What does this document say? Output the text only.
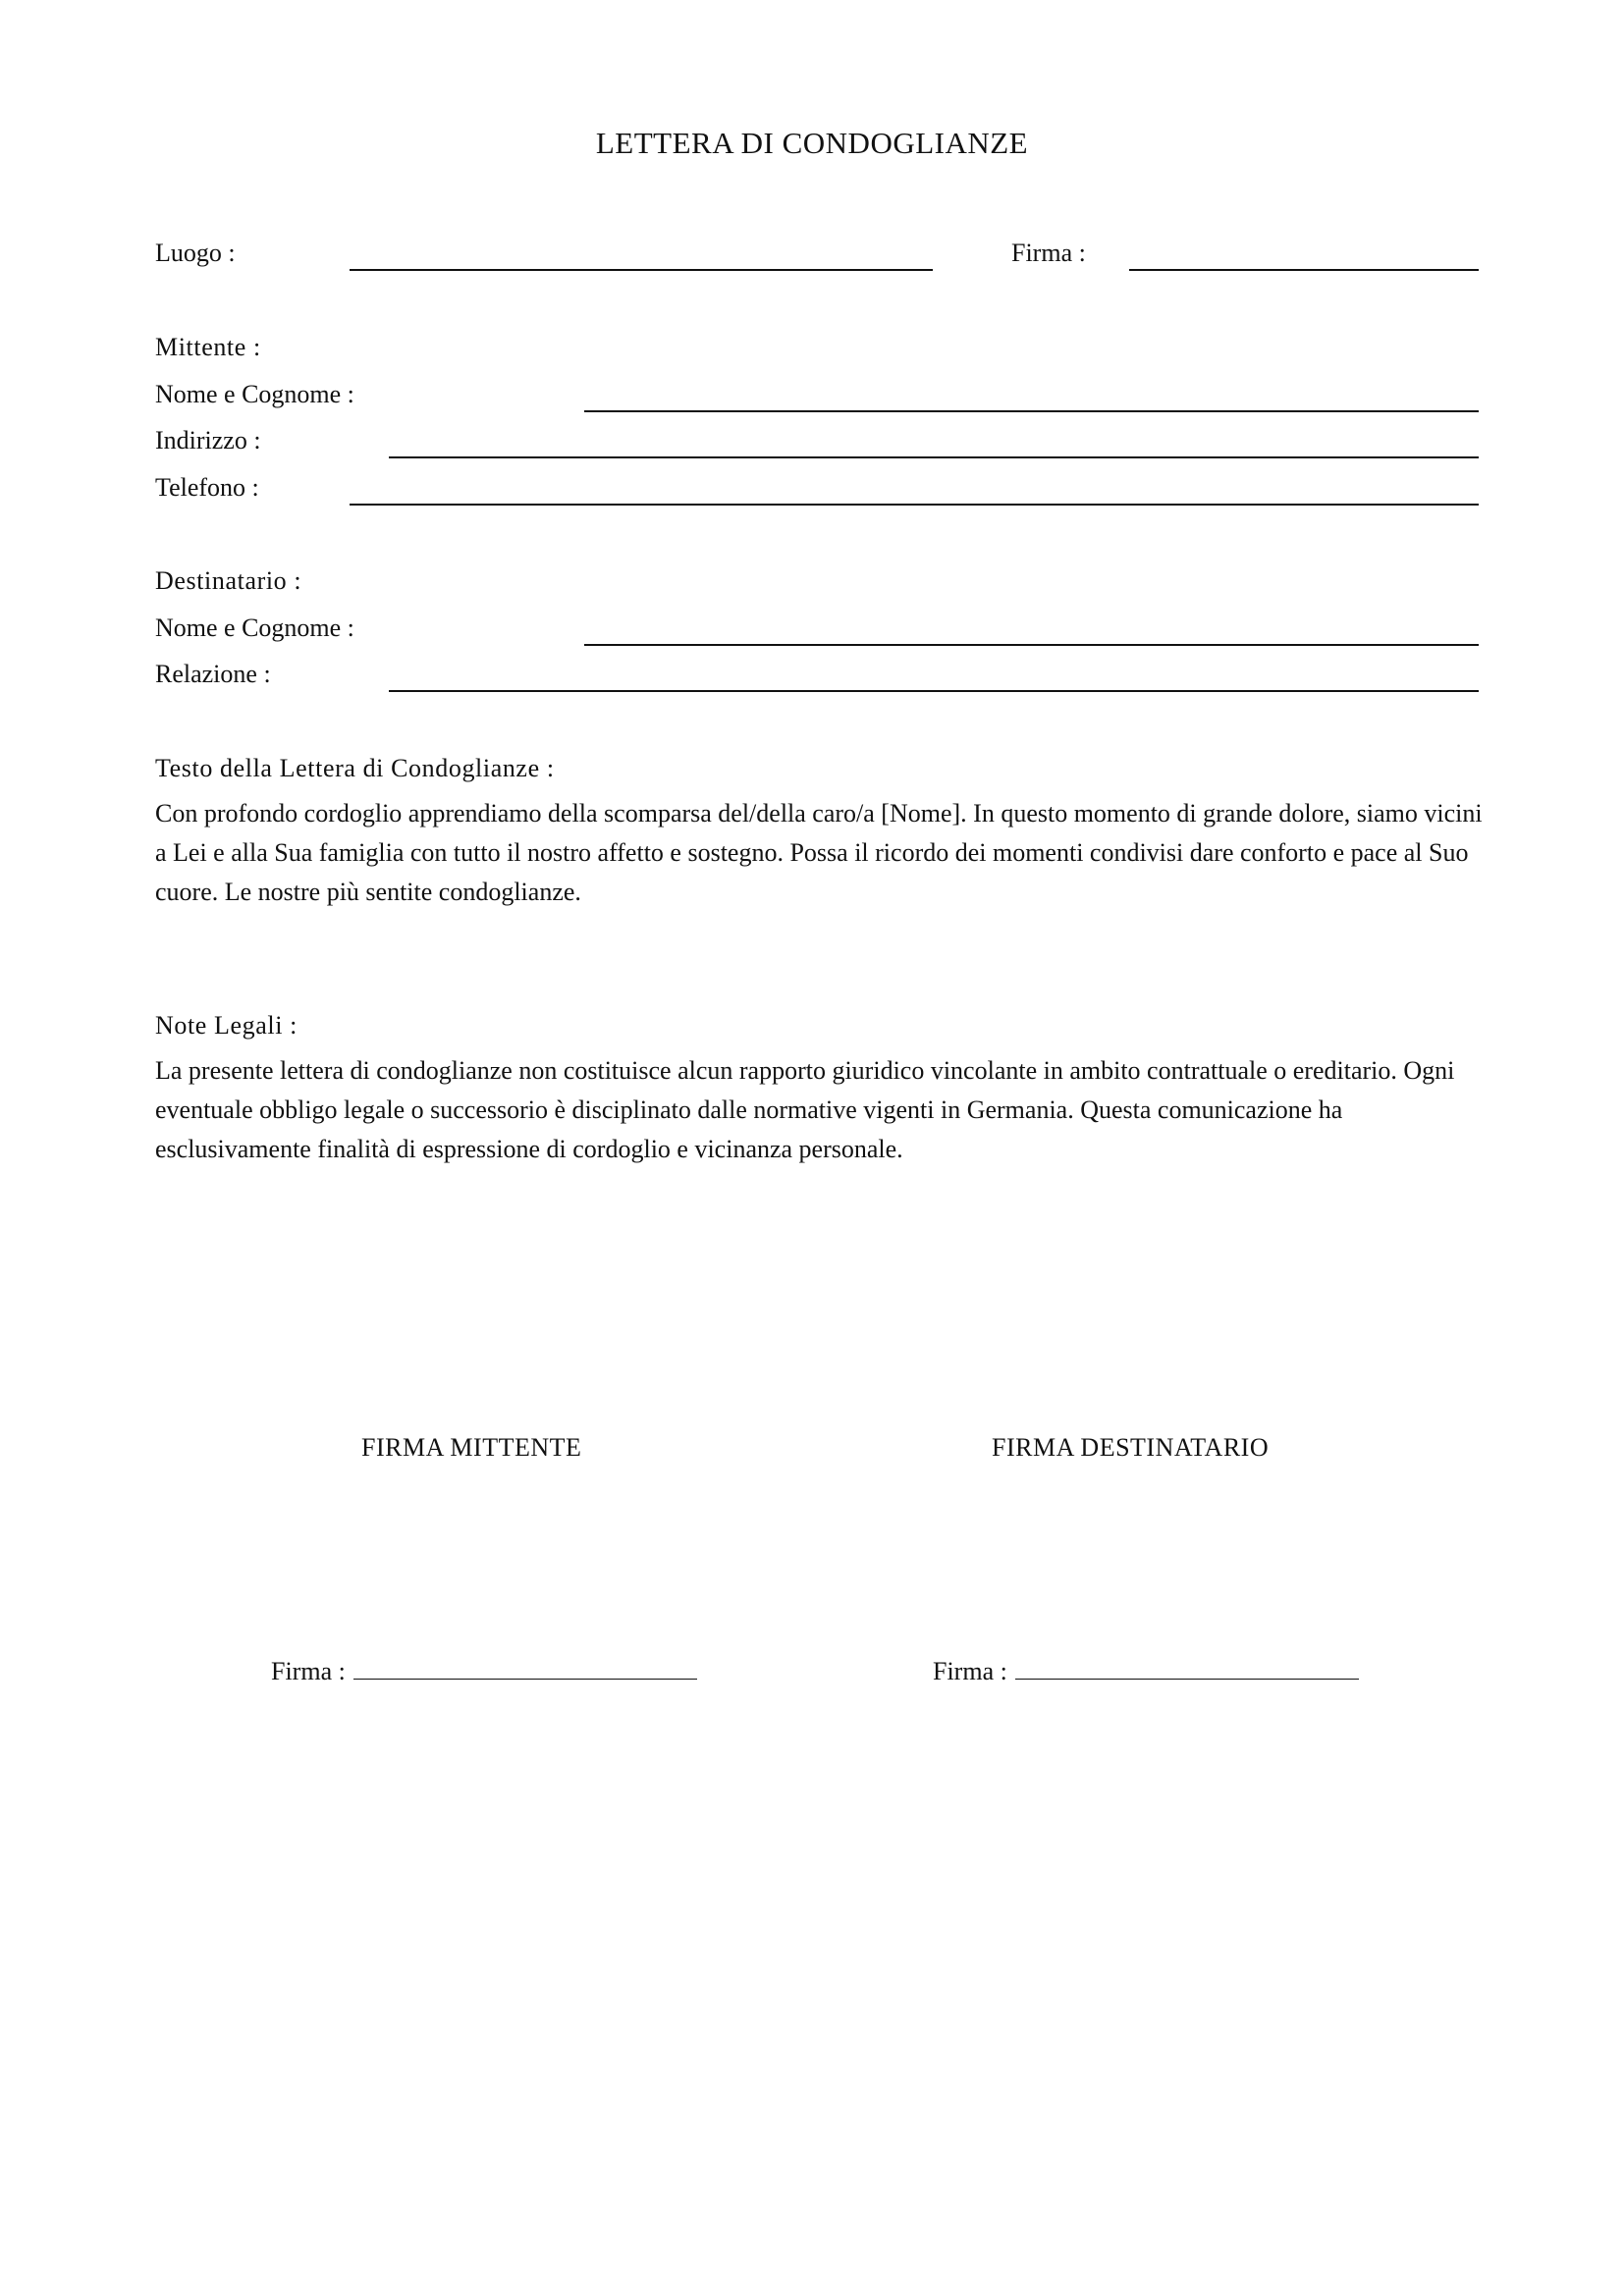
LETTERA DI CONDOGLIANZE
Luogo :	Firma :
Mittente :
Nome e Cognome :
Indirizzo :
Telefono :
Destinatario :
Nome e Cognome :
Relazione :
Testo della Lettera di Condoglianze :
Con profondo cordoglio apprendiamo della scomparsa del/della caro/a [Nome]. In questo momento di grande dolore, siamo vicini a Lei e alla Sua famiglia con tutto il nostro affetto e sostegno. Possa il ricordo dei momenti condivisi dare conforto e pace al Suo cuore. Le nostre più sentite condoglianze.
Note Legali :
La presente lettera di condoglianze non costituisce alcun rapporto giuridico vincolante in ambito contrattuale o ereditario. Ogni eventuale obbligo legale o successorio è disciplinato dalle normative vigenti in Germania. Questa comunicazione ha esclusivamente finalità di espressione di cordoglio e vicinanza personale.
FIRMA MITTENTE	FIRMA DESTINATARIO
Firma :	Firma :
